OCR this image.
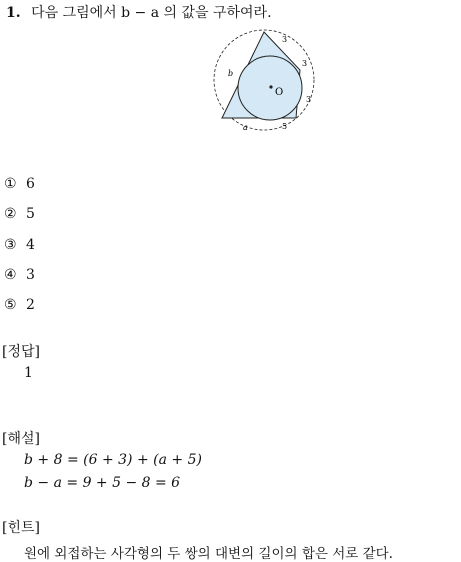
1. 다음 그림에서 b − a 의 값을 구하여라.
O
3
3
3
5
a
b
① 6
② 5
③ 4
④ 3
⑤ 2
[정답]
1
[해설]
b + 8 = (6 + 3) + (a + 5)
b − a = 9 + 5 − 8 = 6
[힌트]
원에 외접하는 사각형의 두 쌍의 대변의 길이의 합은 서로 같다.
